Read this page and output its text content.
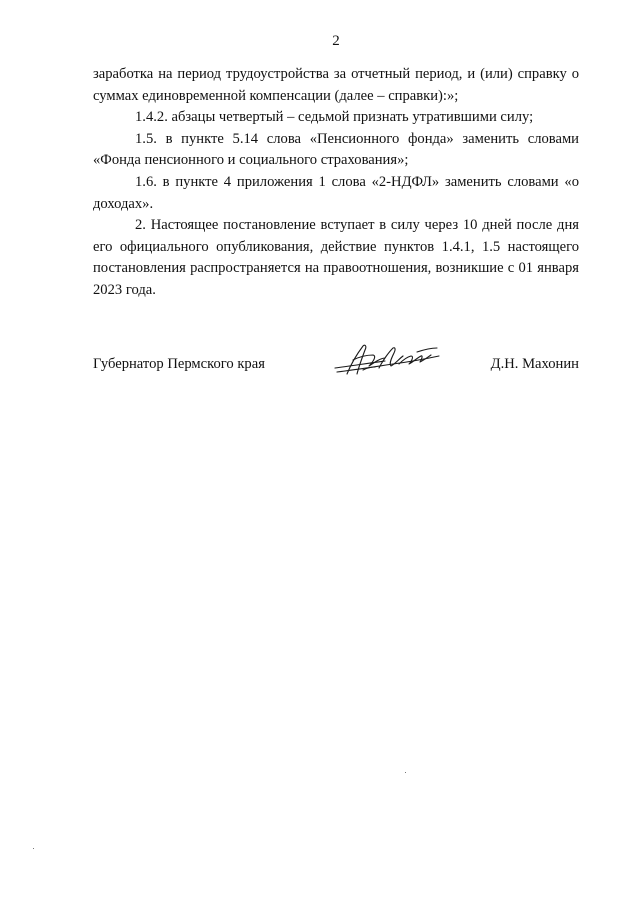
2

заработка на период трудоустройства за отчетный период, и (или) справку о суммах единовременной компенсации (далее – справки):»;

1.4.2. абзацы четвертый – седьмой признать утратившими силу;

1.5. в пункте 5.14 слова «Пенсионного фонда» заменить словами «Фонда пенсионного и социального страхования»;

1.6. в пункте 4 приложения 1 слова «2-НДФЛ» заменить словами «о доходах».

2. Настоящее постановление вступает в силу через 10 дней после дня его официального опубликования, действие пунктов 1.4.1, 1.5 настоящего постановления распространяется на правоотношения, возникшие с 01 января 2023 года.

Губернатор Пермского края	Д.Н. Махонин
